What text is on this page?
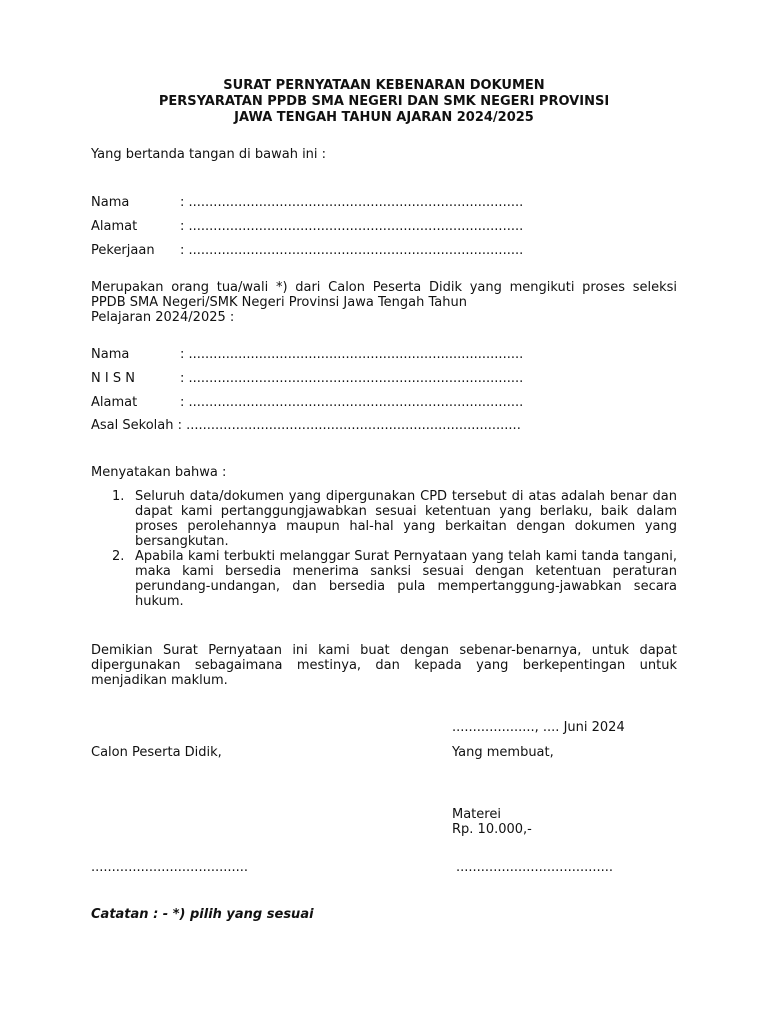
SURAT PERNYATAAN KEBENARAN DOKUMEN
PERSYARATAN PPDB SMA NEGERI DAN SMK NEGERI PROVINSI
JAWA TENGAH TAHUN AJARAN 2024/2025
Yang bertanda tangan di bawah ini :
Nama	: .................................................................................
Alamat	: .................................................................................
Pekerjaan : .................................................................................
Merupakan orang tua/wali *) dari Calon Peserta Didik yang mengikuti proses seleksi
PPDB SMA Negeri/SMK Negeri Provinsi Jawa Tengah Tahun
Pelajaran 2024/2025 :
Nama	: .................................................................................
N I S N	: .................................................................................
Alamat	: .................................................................................
Asal Sekolah : .................................................................................
Menyatakan bahwa :
1. Seluruh data/dokumen yang dipergunakan CPD tersebut di atas adalah benar dan dapat kami pertanggungjawabkan sesuai ketentuan yang berlaku, baik dalam proses perolehannya maupun hal-hal yang berkaitan dengan dokumen yang bersangkutan.
2. Apabila kami terbukti melanggar Surat Pernyataan yang telah kami tanda tangani, maka kami bersedia menerima sanksi sesuai dengan ketentuan peraturan perundang-undangan, dan bersedia pula mempertanggung-jawabkan secara hukum.
Demikian Surat Pernyataan ini kami buat dengan sebenar-benarnya, untuk dapat dipergunakan sebagaimana mestinya, dan kepada yang berkepentingan untuk menjadikan maklum.
...................., .... Juni 2024
Calon Peserta Didik,	Yang membuat,
Materei
Rp. 10.000,-
......................................	......................................
Catatan : - *) pilih yang sesuai
